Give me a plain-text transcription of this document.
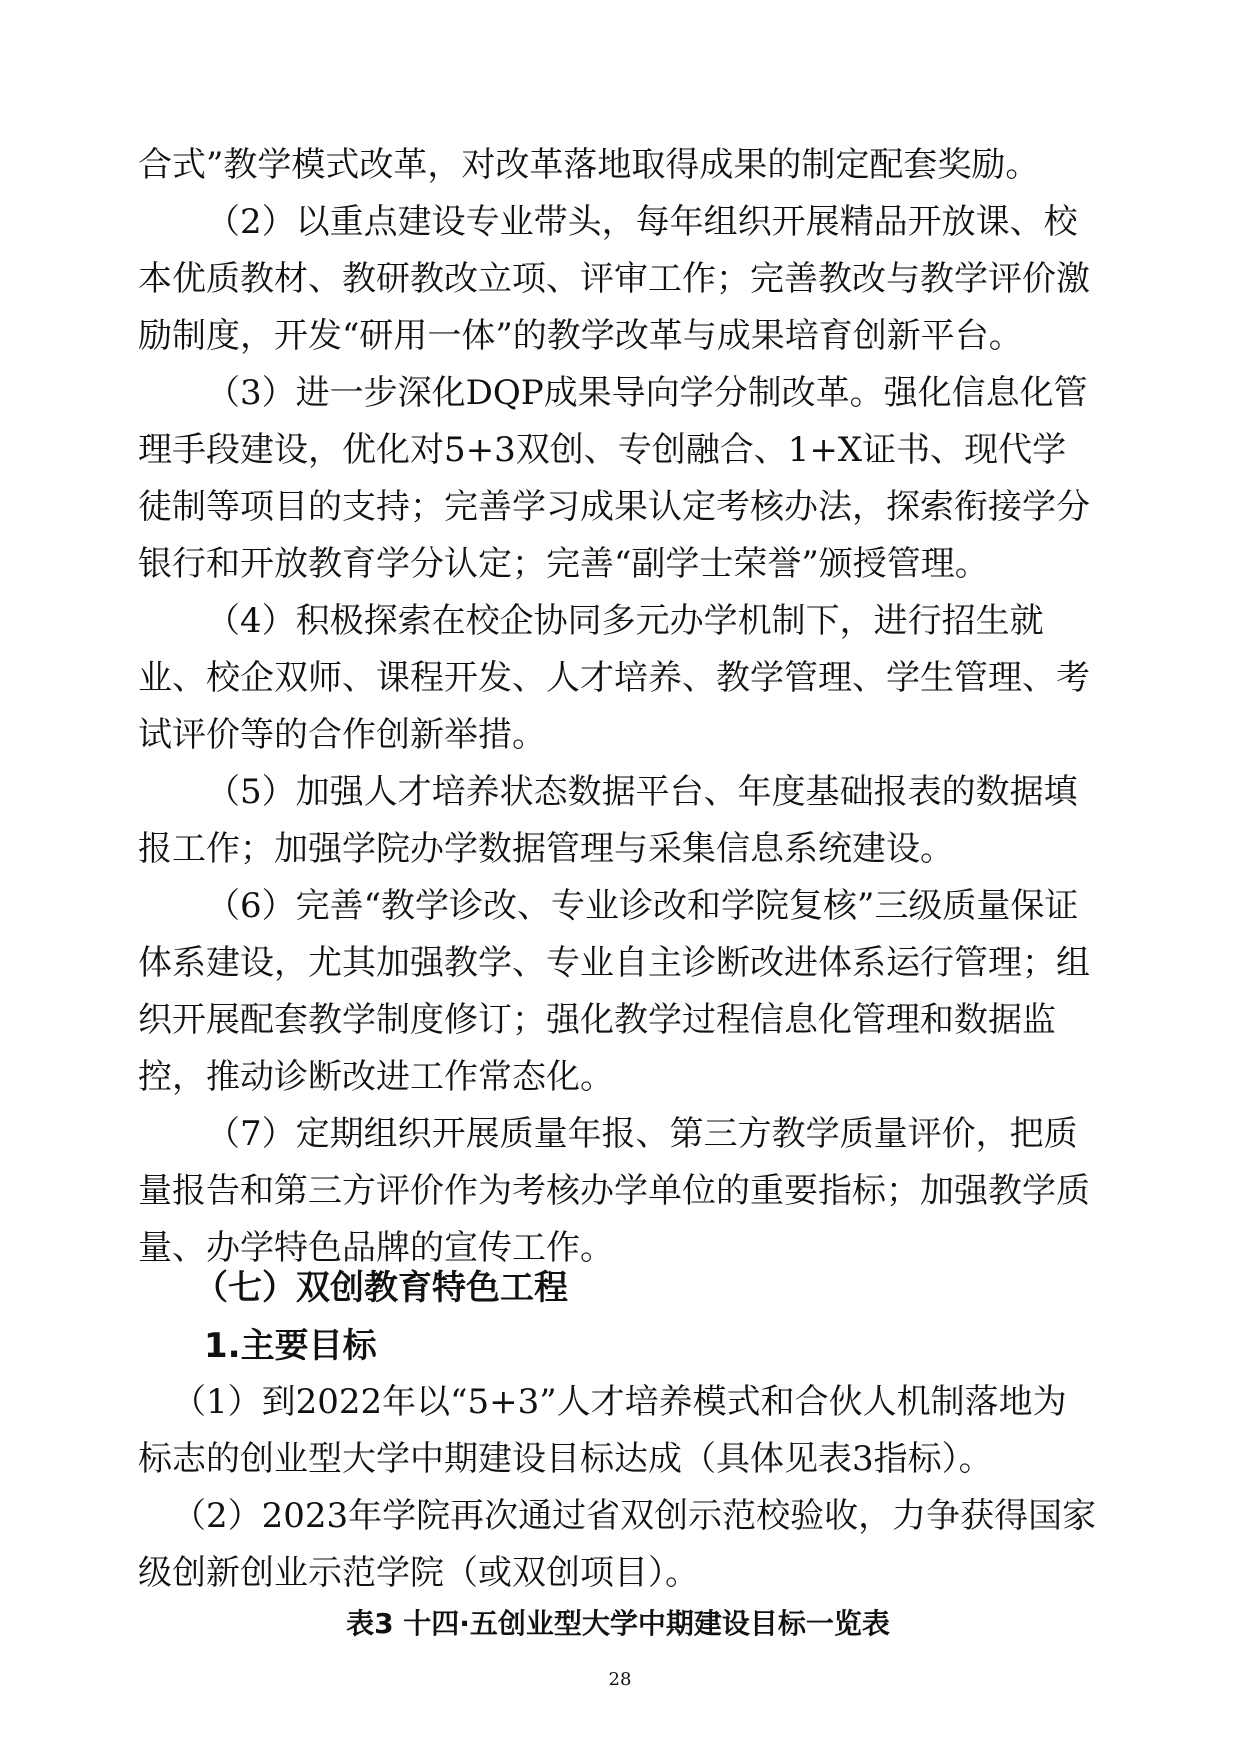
合式”教学模式改革，对改革落地取得成果的制定配套奖励。
（2）以重点建设专业带头，每年组织开展精品开放课、校本优质教材、教研教改立项、评审工作；完善教改与教学评价激励制度，开发“研用一体”的教学改革与成果培育创新平台。
（3）进一步深化DQP成果导向学分制改革。强化信息化管理手段建设，优化对5+3双创、专创融合、1+X证书、现代学徒制等项目的支持；完善学习成果认定考核办法，探索衔接学分银行和开放教育学分认定；完善“副学士荣誉”颁授管理。
（4）积极探索在校企协同多元办学机制下，进行招生就业、校企双师、课程开发、人才培养、教学管理、学生管理、考试评价等的合作创新举措。
（5）加强人才培养状态数据平台、年度基础报表的数据填报工作；加强学院办学数据管理与采集信息系统建设。
（6）完善“教学诊改、专业诊改和学院复核”三级质量保证体系建设，尤其加强教学、专业自主诊断改进体系运行管理；组织开展配套教学制度修订；强化教学过程信息化管理和数据监控，推动诊断改进工作常态化。
（7）定期组织开展质量年报、第三方教学质量评价，把质量报告和第三方评价作为考核办学单位的重要指标；加强教学质量、办学特色品牌的宣传工作。
（七）双创教育特色工程
1.主要目标
（1）到2022年以“5+3”人才培养模式和合伙人机制落地为标志的创业型大学中期建设目标达成（具体见表3指标）。
（2）2023年学院再次通过省双创示范校验收，力争获得国家级创新创业示范学院（或双创项目）。
表3 十四·五创业型大学中期建设目标一览表
28
